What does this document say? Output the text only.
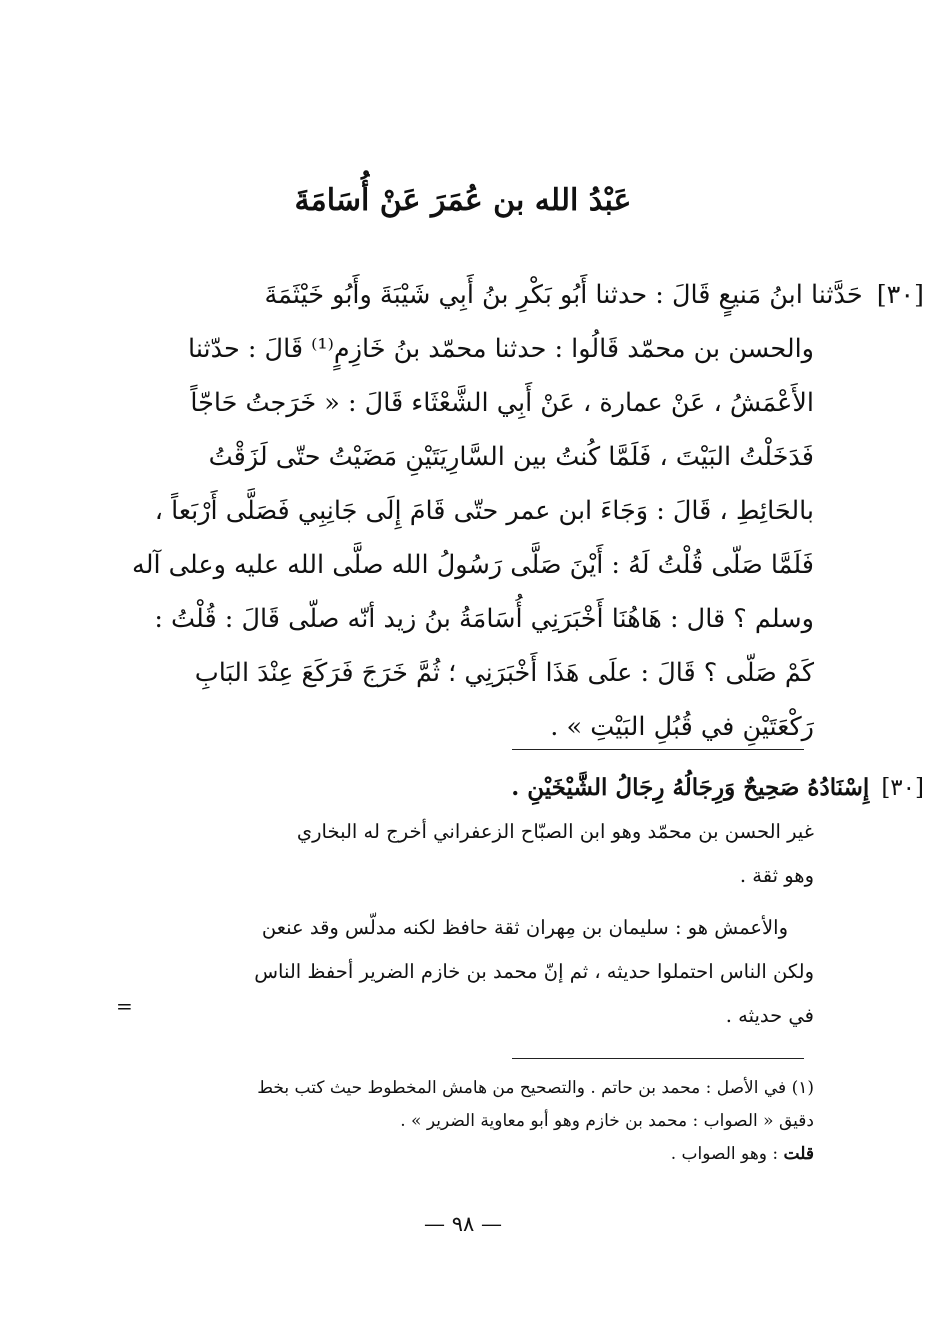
عَبْدُ الله بن عُمَرَ عَنْ أُسَامَةَ
[٣٠]حَدَّثنا ابنُ مَنيعٍ قَالَ : حدثنا أَبُو بَكْرِ بنُ أَبِي شَيْبَةَ وأَبُو خَيْثَمَةَ
والحسن بن محمّد قَالُوا : حدثنا محمّد بنُ خَازِمٍ⁽¹⁾ قَالَ : حدّثنا
الأَعْمَشُ ، عَنْ عمارة ، عَنْ أَبِي الشَّعْثَاء قَالَ : « خَرَجتُ حَاجّاً
فَدَخَلْتُ البَيْتَ ، فَلَمَّا كُنتُ بين السَّارِيَتَيْنِ مَضَيْتُ حتّى لَزَقْتُ
بالحَائِطِ ، قَالَ : وَجَاءَ ابن عمر حتّى قَامَ إِلَى جَانِبِي فَصَلَّى أَرْبَعاً ،
فَلَمَّا صَلّى قُلْتُ لَهُ : أَيْنَ صَلَّى رَسُولُ الله صلَّى الله عليه وعلى آله
وسلم ؟ قال : هَاهُنَا أَخْبَرَنِي أُسَامَةُ بنُ زيد أنّه صلّى قَالَ : قُلْتُ :
كَمْ صَلّى ؟ قَالَ : علَى هَذَا أَخْبَرَنِي ؛ ثُمَّ خَرَجَ فَرَكَعَ عِنْدَ البَابِ
رَكْعَتَيْنِ في قُبُلِ البَيْتِ » .
[٣٠]إِسْنَادُهُ صَحِيحٌ وَرِجَالُهُ رِجَالُ الشَّيْخَيْنِ .
غير الحسن بن محمّد وهو ابن الصبّاح الزعفراني أخرج له البخاري
وهو ثقة .
والأعمش هو : سليمان بن مِهران ثقة حافظ لكنه مدلّس وقد عنعن
ولكن الناس احتملوا حديثه ، ثم إنّ محمد بن خازم الضرير أحفظ الناس
في حديثه .
=
(١) في الأصل : محمد بن حاتم . والتصحيح من هامش المخطوط حيث كتب بخط
دقيق « الصواب : محمد بن خازم وهو أبو معاوية الضرير » .
قلت : وهو الصواب .
— ٩٨ —
